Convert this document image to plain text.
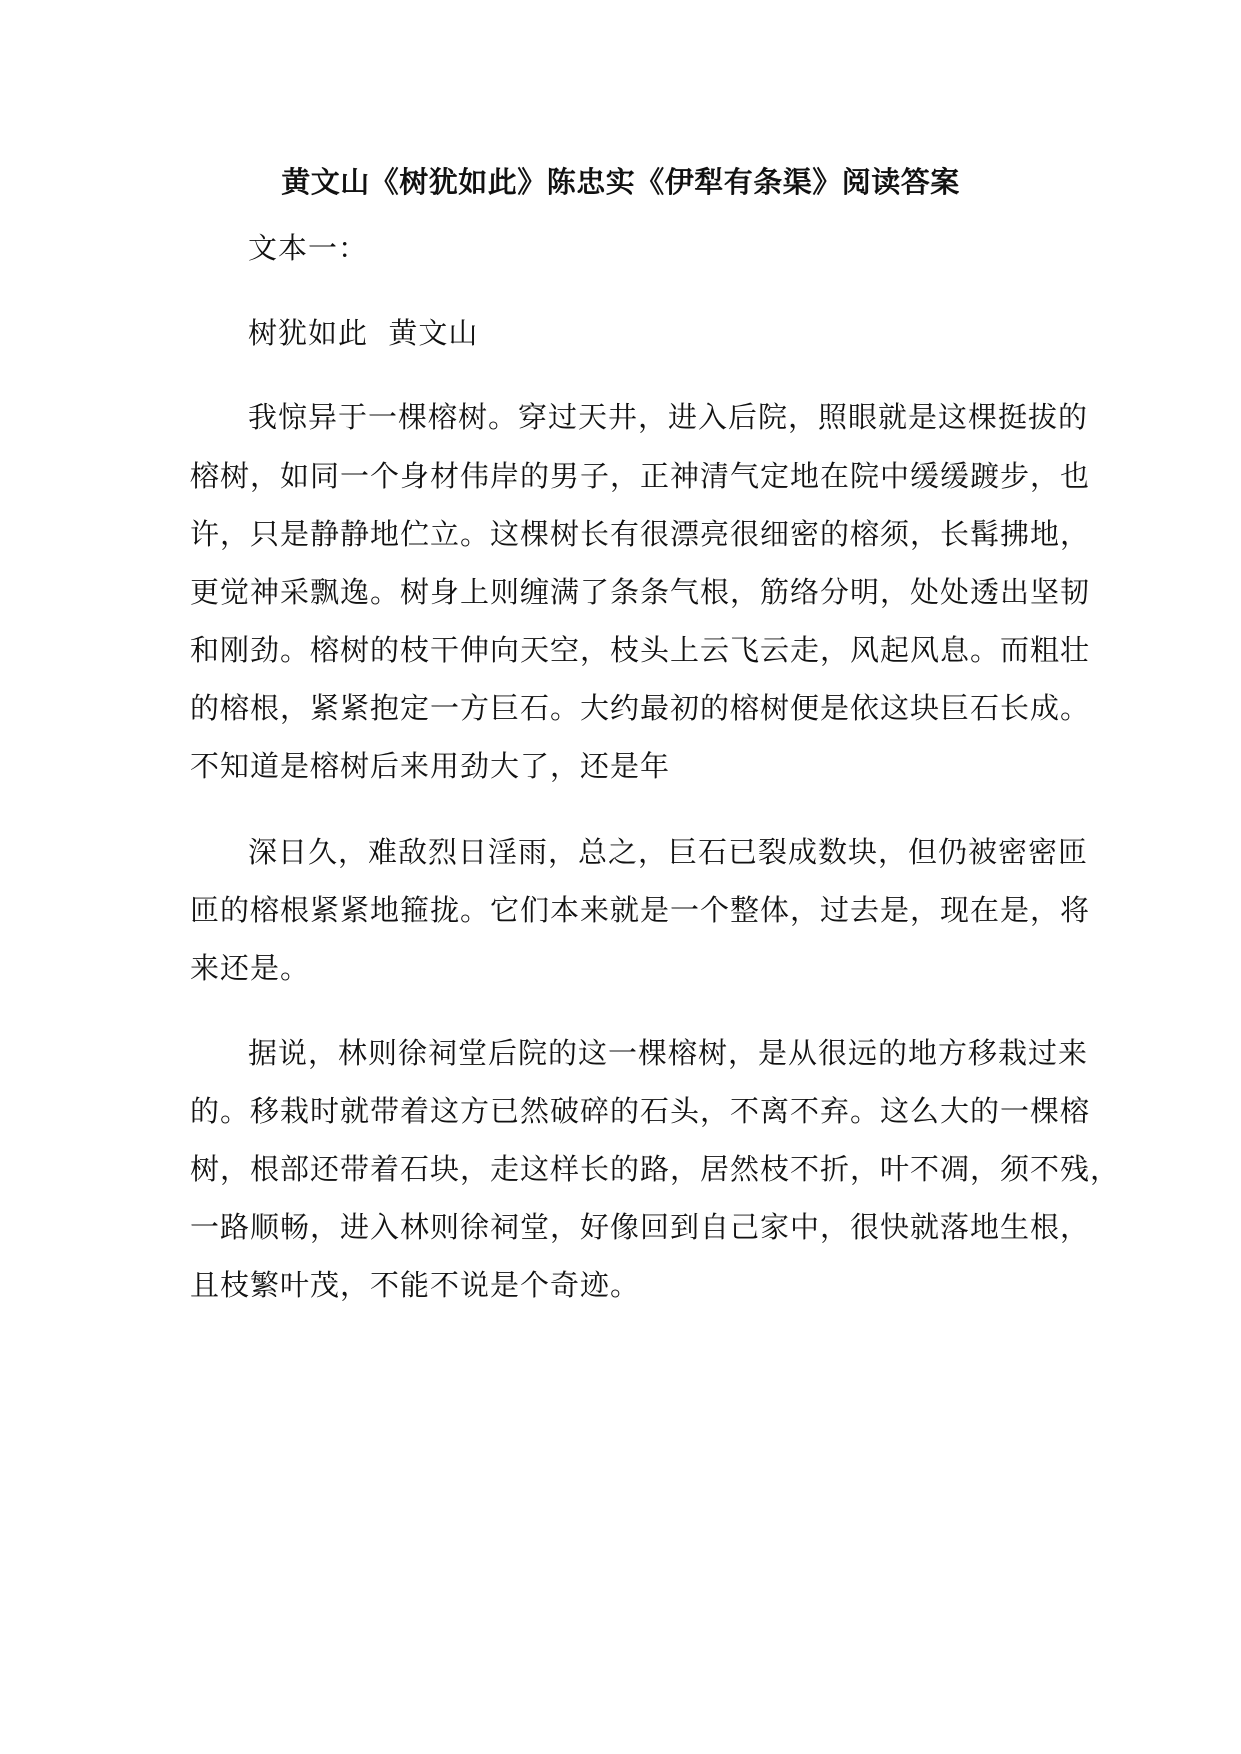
黄文山《树犹如此》陈忠实《伊犁有条渠》阅读答案
文本一：
树犹如此  黄文山
我惊异于一棵榕树。穿过天井，进入后院，照眼就是这棵挺拔的
榕树，如同一个身材伟岸的男子，正神清气定地在院中缓缓踱步，也
许，只是静静地伫立。这棵树长有很漂亮很细密的榕须，长髯拂地，
更觉神采飘逸。树身上则缠满了条条气根，筋络分明，处处透出坚韧
和刚劲。榕树的枝干伸向天空，枝头上云飞云走，风起风息。而粗壮
的榕根，紧紧抱定一方巨石。大约最初的榕树便是依这块巨石长成。
不知道是榕树后来用劲大了，还是年
深日久，难敌烈日淫雨，总之，巨石已裂成数块，但仍被密密匝
匝的榕根紧紧地箍拢。它们本来就是一个整体，过去是，现在是，将
来还是。
据说，林则徐祠堂后院的这一棵榕树，是从很远的地方移栽过来
的。移栽时就带着这方已然破碎的石头，不离不弃。这么大的一棵榕
树，根部还带着石块，走这样长的路，居然枝不折，叶不凋，须不残，
一路顺畅，进入林则徐祠堂，好像回到自己家中，很快就落地生根，
且枝繁叶茂，不能不说是个奇迹。
